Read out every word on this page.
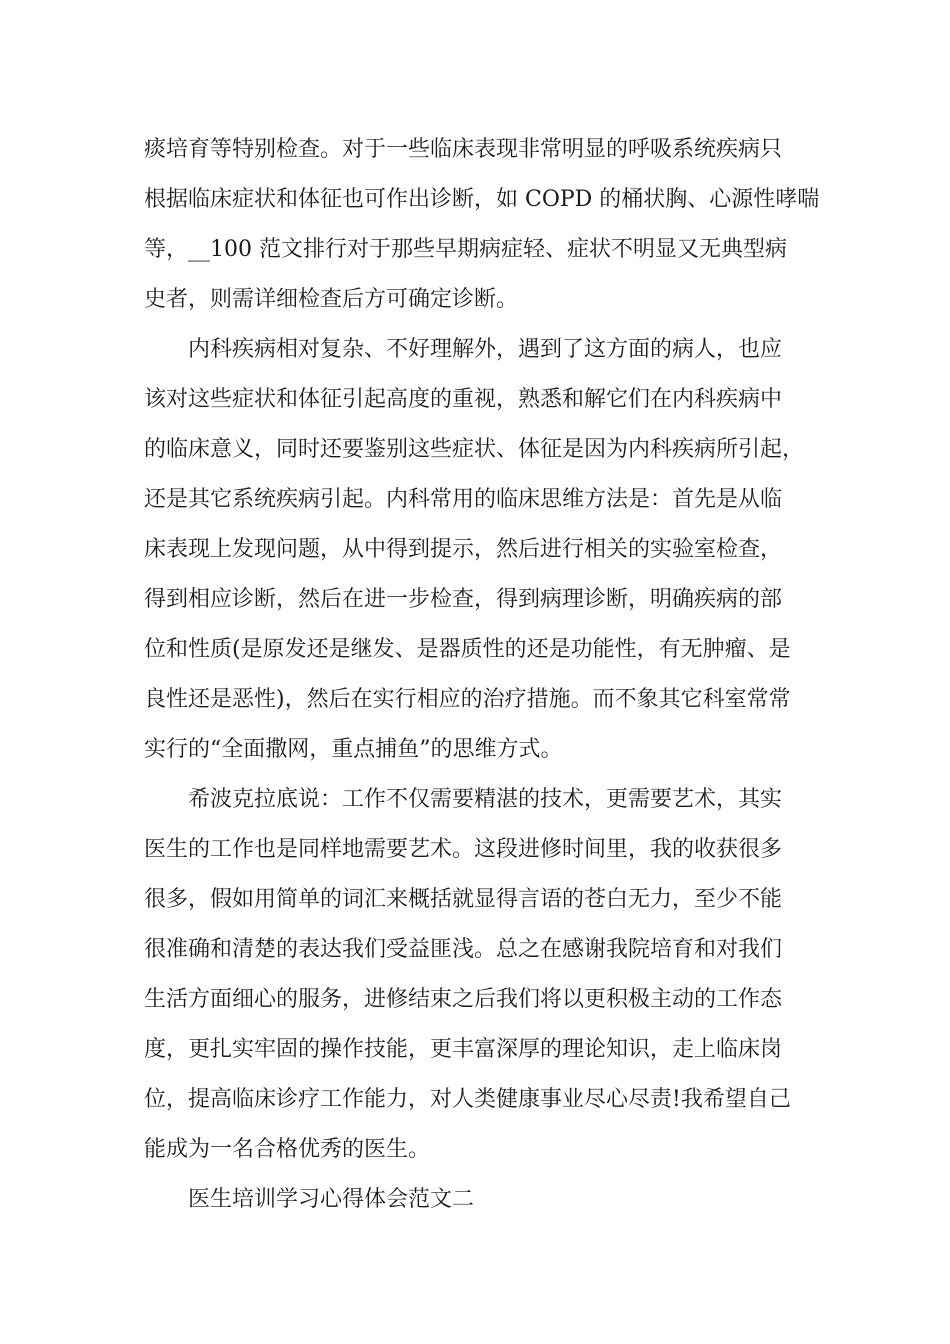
痰培育等特别检查。对于一些临床表现非常明显的呼吸系统疾病只
根据临床症状和体征也可作出诊断，如 COPD 的桶状胸、心源性哮喘
等，__100 范文排行对于那些早期病症轻、症状不明显又无典型病
史者，则需详细检查后方可确定诊断。
内科疾病相对复杂、不好理解外，遇到了这方面的病人，也应
该对这些症状和体征引起高度的重视，熟悉和解它们在内科疾病中
的临床意义，同时还要鉴别这些症状、体征是因为内科疾病所引起，
还是其它系统疾病引起。内科常用的临床思维方法是：首先是从临
床表现上发现问题，从中得到提示，然后进行相关的实验室检查，
得到相应诊断，然后在进一步检查，得到病理诊断，明确疾病的部
位和性质(是原发还是继发、是器质性的还是功能性，有无肿瘤、是
良性还是恶性)，然后在实行相应的治疗措施。而不象其它科室常常
实行的“全面撒网，重点捕鱼”的思维方式。
希波克拉底说：工作不仅需要精湛的技术，更需要艺术，其实
医生的工作也是同样地需要艺术。这段进修时间里，我的收获很多
很多，假如用简单的词汇来概括就显得言语的苍白无力，至少不能
很准确和清楚的表达我们受益匪浅。总之在感谢我院培育和对我们
生活方面细心的服务，进修结束之后我们将以更积极主动的工作态
度，更扎实牢固的操作技能，更丰富深厚的理论知识，走上临床岗
位，提高临床诊疗工作能力，对人类健康事业尽心尽责!我希望自己
能成为一名合格优秀的医生。
医生培训学习心得体会范文二
